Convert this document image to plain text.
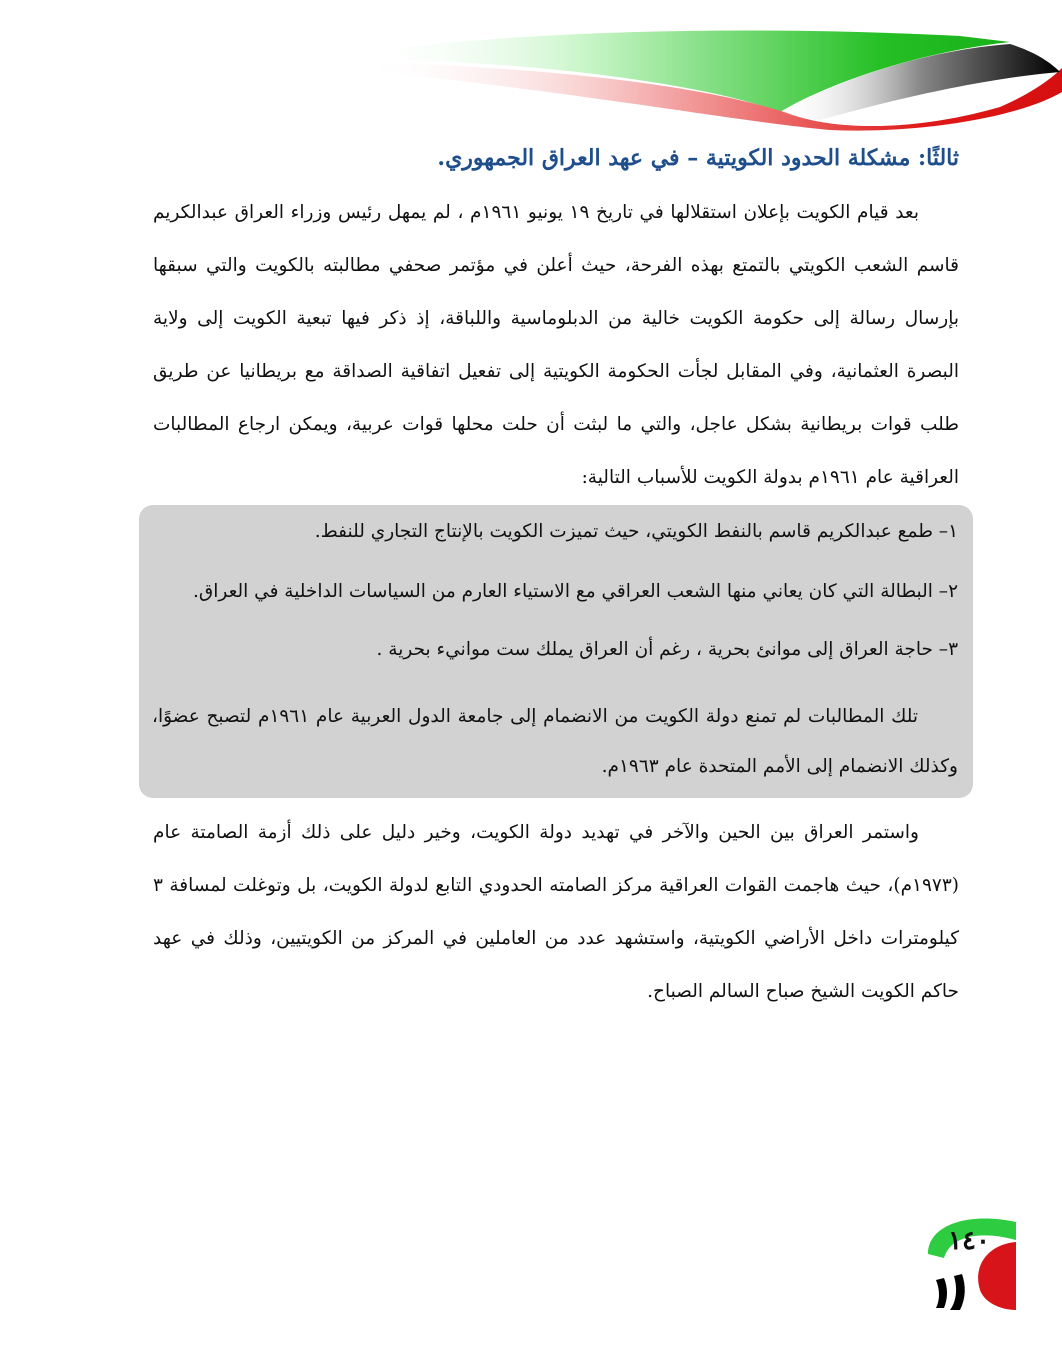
ثالثًا: مشكلة الحدود الكويتية – في عهد العراق الجمهوري.

بعد قيام الكويت بإعلان استقلالها في تاريخ ١٩ يونيو ١٩٦١م ، لم يمهل رئيس وزراء العراق عبدالكريم قاسم الشعب الكويتي بالتمتع بهذه الفرحة، حيث أعلن في مؤتمر صحفي مطالبته بالكويت والتي سبقها بإرسال رسالة إلى حكومة الكويت خالية من الدبلوماسية واللباقة، إذ ذكر فيها تبعية الكويت إلى ولاية البصرة العثمانية، وفي المقابل لجأت الحكومة الكويتية إلى تفعيل اتفاقية الصداقة مع بريطانيا عن طريق طلب قوات بريطانية بشكل عاجل، والتي ما لبثت أن حلت محلها قوات عربية، ويمكن ارجاع المطالبات العراقية عام ١٩٦١م بدولة الكويت للأسباب التالية:

١– طمع عبدالكريم قاسم بالنفط الكويتي، حيث تميزت الكويت بالإنتاج التجاري للنفط.

٢– البطالة التي كان يعاني منها الشعب العراقي مع الاستياء العارم من السياسات الداخلية في العراق.

٣– حاجة العراق إلى موانئ بحرية ، رغم أن العراق يملك ست موانيء بحرية .

تلك المطالبات لم تمنع دولة الكويت من الانضمام إلى جامعة الدول العربية عام ١٩٦١م لتصبح عضوًا، وكذلك الانضمام إلى الأمم المتحدة عام ١٩٦٣م.

واستمر العراق بين الحين والآخر في تهديد دولة الكويت، وخير دليل على ذلك أزمة الصامتة عام (١٩٧٣م)، حيث هاجمت القوات العراقية مركز الصامته الحدودي التابع لدولة الكويت، بل وتوغلت لمسافة ٣ كيلومترات داخل الأراضي الكويتية، واستشهد عدد من العاملين في المركز من الكويتيين، وذلك في عهد حاكم الكويت الشيخ صباح السالم الصباح.

١٤٠
